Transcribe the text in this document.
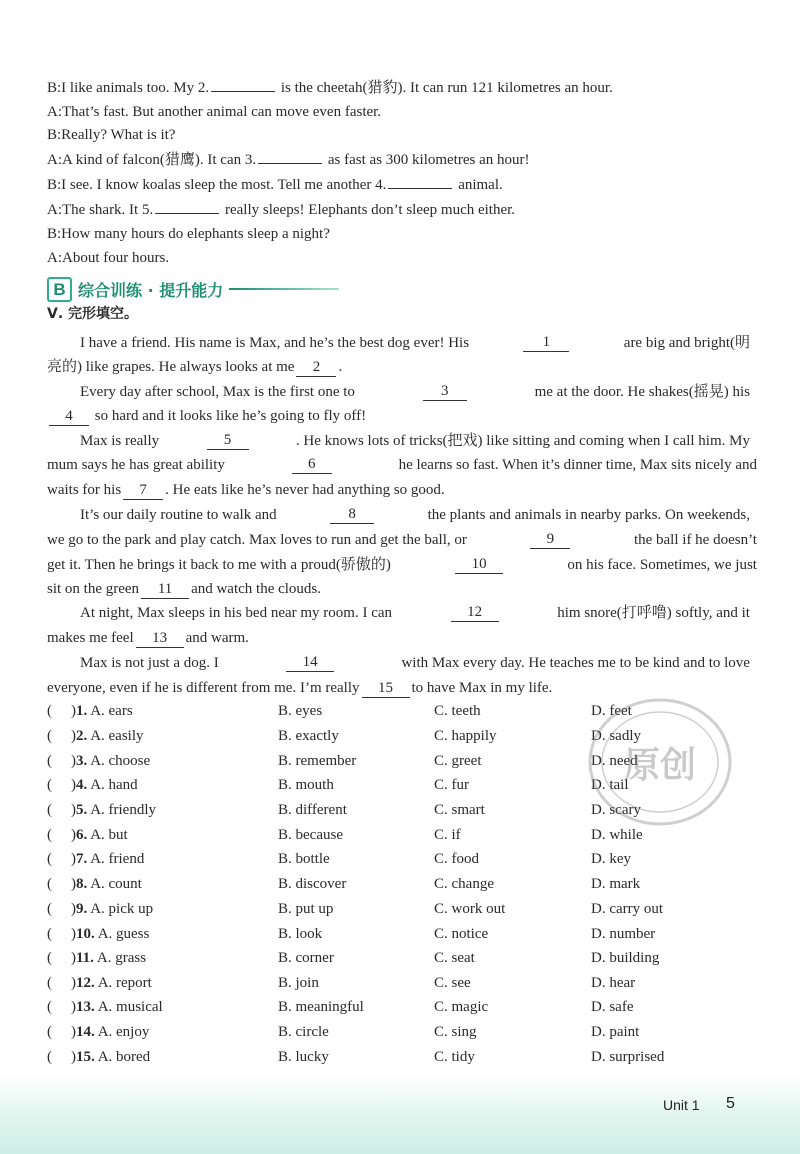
B:I like animals too. My 2.	is the cheetah(猎豹). It can run 121 kilometres an hour.
A:That’s fast. But another animal can move even faster.
B:Really? What is it?
A:A kind of falcon(猎鹰). It can 3.	as fast as 300 kilometres an hour!
B:I see. I know koalas sleep the most. Tell me another 4.	animal.
A:The shark. It 5.	really sleeps! Elephants don’t sleep much either.
B:How many hours do elephants sleep a night?
A:About four hours.
B 综合训练 · 提升能力
Ⅴ. 完形填空。
I have a friend. His name is Max, and he’s the best dog ever! His	1	are big and bright(明
亮的) like grapes. He always looks at me 2 .
Every day after school, Max is the first one to	3	me at the door. He shakes(摇晃) his
4 so hard and it looks like he’s going to fly off!
Max is really	5	. He knows lots of tricks(把戏) like sitting and coming when I call him. My
mum says he has great ability	6	he learns so fast. When it’s dinner time, Max sits nicely and
waits for his 7 . He eats like he’s never had anything so good.
It’s our daily routine to walk and	8	the plants and animals in nearby parks. On weekends,
we go to the park and play catch. Max loves to run and get the ball, or	9	the ball if he doesn’t
get it. Then he brings it back to me with a proud(骄傲的)	10	on his face. Sometimes, we just
sit on the green 11 and watch the clouds.
At night, Max sleeps in his bed near my room. I can	12	him snore(打呼噜) softly, and it
makes me feel 13 and warm.
Max is not just a dog. I	14	with Max every day. He teaches me to be kind and to love
everyone, even if he is different from me. I’m really 15 to have Max in my life.
( )1. A. ears	B. eyes	C. teeth	D. feet
( )2. A. easily	B. exactly	C. happily	D. sadly
( )3. A. choose	B. remember	C. greet	D. need
( )4. A. hand	B. mouth	C. fur	D. tail
( )5. A. friendly	B. different	C. smart	D. scary
( )6. A. but	B. because	C. if	D. while
( )7. A. friend	B. bottle	C. food	D. key
( )8. A. count	B. discover	C. change	D. mark
( )9. A. pick up	B. put up	C. work out	D. carry out
( )10. A. guess	B. look	C. notice	D. number
( )11. A. grass	B. corner	C. seat	D. building
( )12. A. report	B. join	C. see	D. hear
( )13. A. musical	B. meaningful	C. magic	D. safe
( )14. A. enjoy	B. circle	C. sing	D. paint
( )15. A. bored	B. lucky	C. tidy	D. surprised
原创
Unit 1 5
